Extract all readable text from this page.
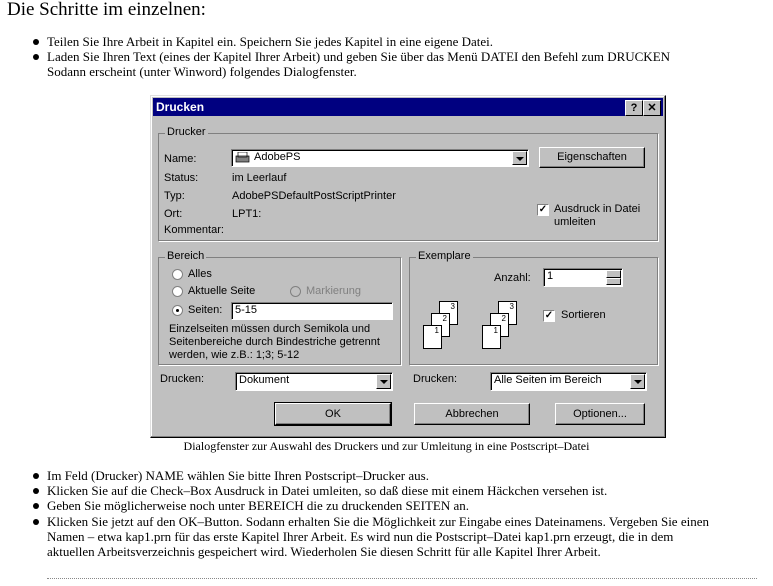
Die Schritte im einzelnen:
Teilen Sie Ihre Arbeit in Kapitel ein. Speichern Sie jedes Kapitel in eine eigene Datei.
Laden Sie Ihren Text (eines der Kapitel Ihrer Arbeit) und geben Sie über das Menü DATEI den Befehl zum DRUCKEN
Sodann erscheint (unter Winword) folgendes Dialogfenster.
Drucken	? ✕
Drucker
Name:	AdobePS	Eigenschaften
Status:	im Leerlauf
Typ:	AdobePSDefaultPostScriptPrinter
Ort:	LPT1:
Kommentar:
✓ Ausdruck in Datei
umleiten
Bereich
Alles
Aktuelle Seite	Markierung
Seiten:	5-15
Einzelseiten müssen durch Semikola und
Seitenbereiche durch Bindestriche getrennt
werden, wie z.B.: 1;3; 5-12
Exemplare
Anzahl:	1
3
2
1
3
2
1
✓ Sortieren
Drucken:	Dokument	Drucken:	Alle Seiten im Bereich
OK	Abbrechen	Optionen...
Dialogfenster zur Auswahl des Druckers und zur Umleitung in eine Postscript–Datei
Im Feld (Drucker) NAME wählen Sie bitte Ihren Postscript–Drucker aus.
Klicken Sie auf die Check–Box Ausdruck in Datei umleiten, so daß diese mit einem Häckchen versehen ist.
Geben Sie möglicherweise noch unter BEREICH die zu druckenden SEITEN an.
Klicken Sie jetzt auf den OK–Button. Sodann erhalten Sie die Möglichkeit zur Eingabe eines Dateinamens. Vergeben Sie einen
Namen – etwa kap1.prn für das erste Kapitel Ihrer Arbeit. Es wird nun die Postscript–Datei kap1.prn erzeugt, die in dem
aktuellen Arbeitsverzeichnis gespeichert wird. Wiederholen Sie diesen Schritt für alle Kapitel Ihrer Arbeit.
